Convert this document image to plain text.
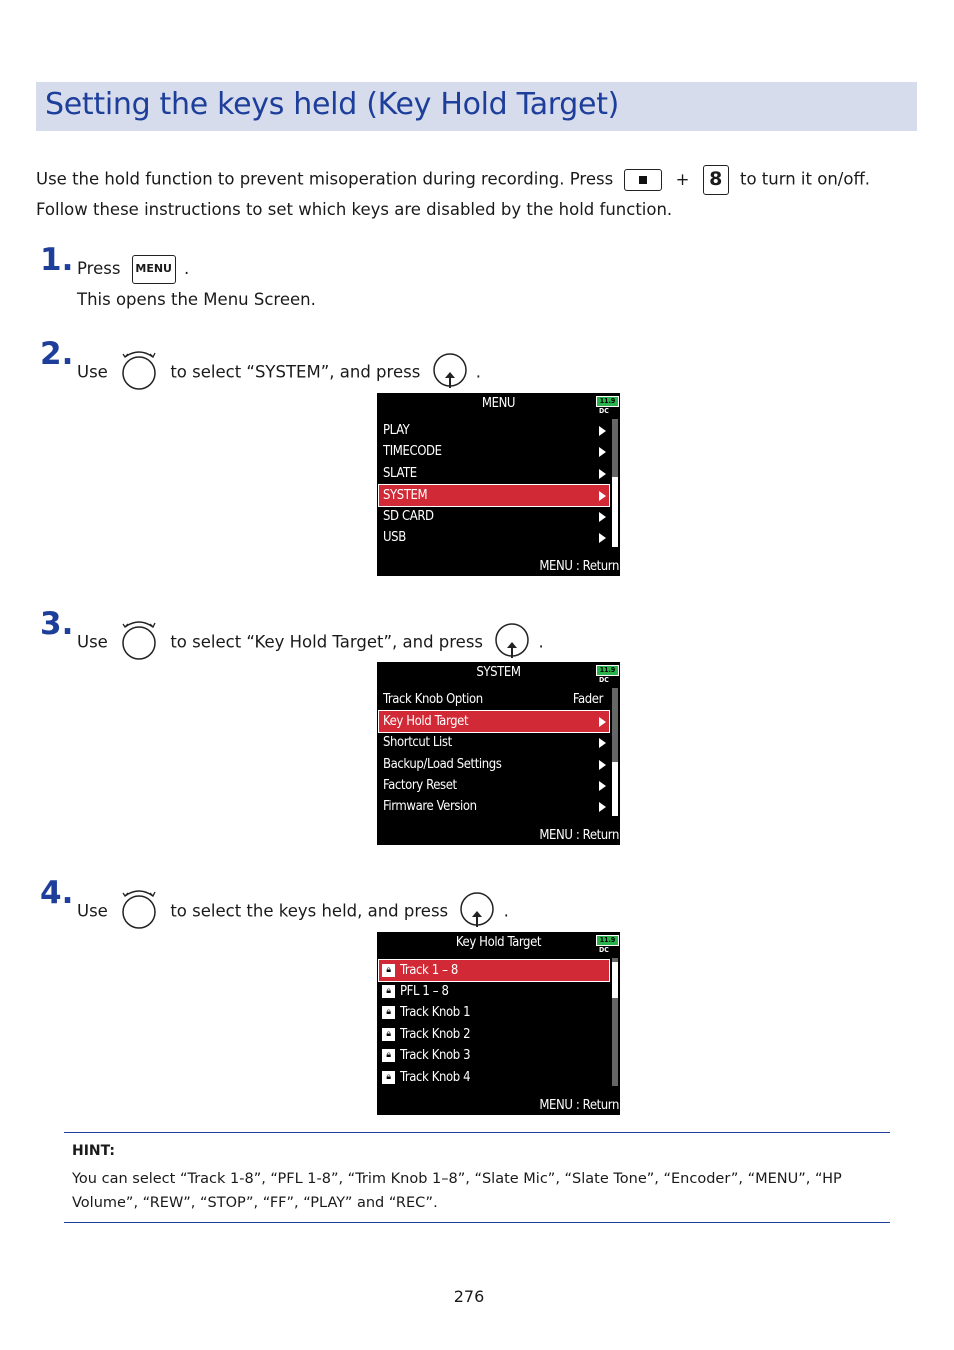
Setting the keys held (Key Hold Target)
Use the hold function to prevent misoperation during recording. Press	+ 8 to turn it on/off.
Follow these instructions to set which keys are disabled by the hold function.
1. Press MENU .
This opens the Menu Screen.
2. Use	to select “SYSTEM”, and press	.
MENU	11.9
DC
PLAY
TIMECODE
SLATE
SYSTEM
SD CARD
USB
MENU : Return
3. Use	to select “Key Hold Target”, and press	.
SYSTEM	11.9
DC
Track Knob Option	Fader
Key Hold Target
Shortcut List
Backup/Load Settings
Factory Reset
Firmware Version
MENU : Return
4. Use	to select the keys held, and press	.
Key Hold Target	11.9
DC
🔒︎ Track 1 – 8
🔒︎ PFL 1 – 8
🔒︎ Track Knob 1
🔒︎ Track Knob 2
🔒︎ Track Knob 3
🔒︎ Track Knob 4
MENU : Return
HINT:
You can select “Track 1-8”, “PFL 1-8”, “Trim Knob 1–8”, “Slate Mic”, “Slate Tone”, “Encoder”, “MENU”, “HP Volume”, “REW”, “STOP”, “FF”, “PLAY” and “REC”.
276
